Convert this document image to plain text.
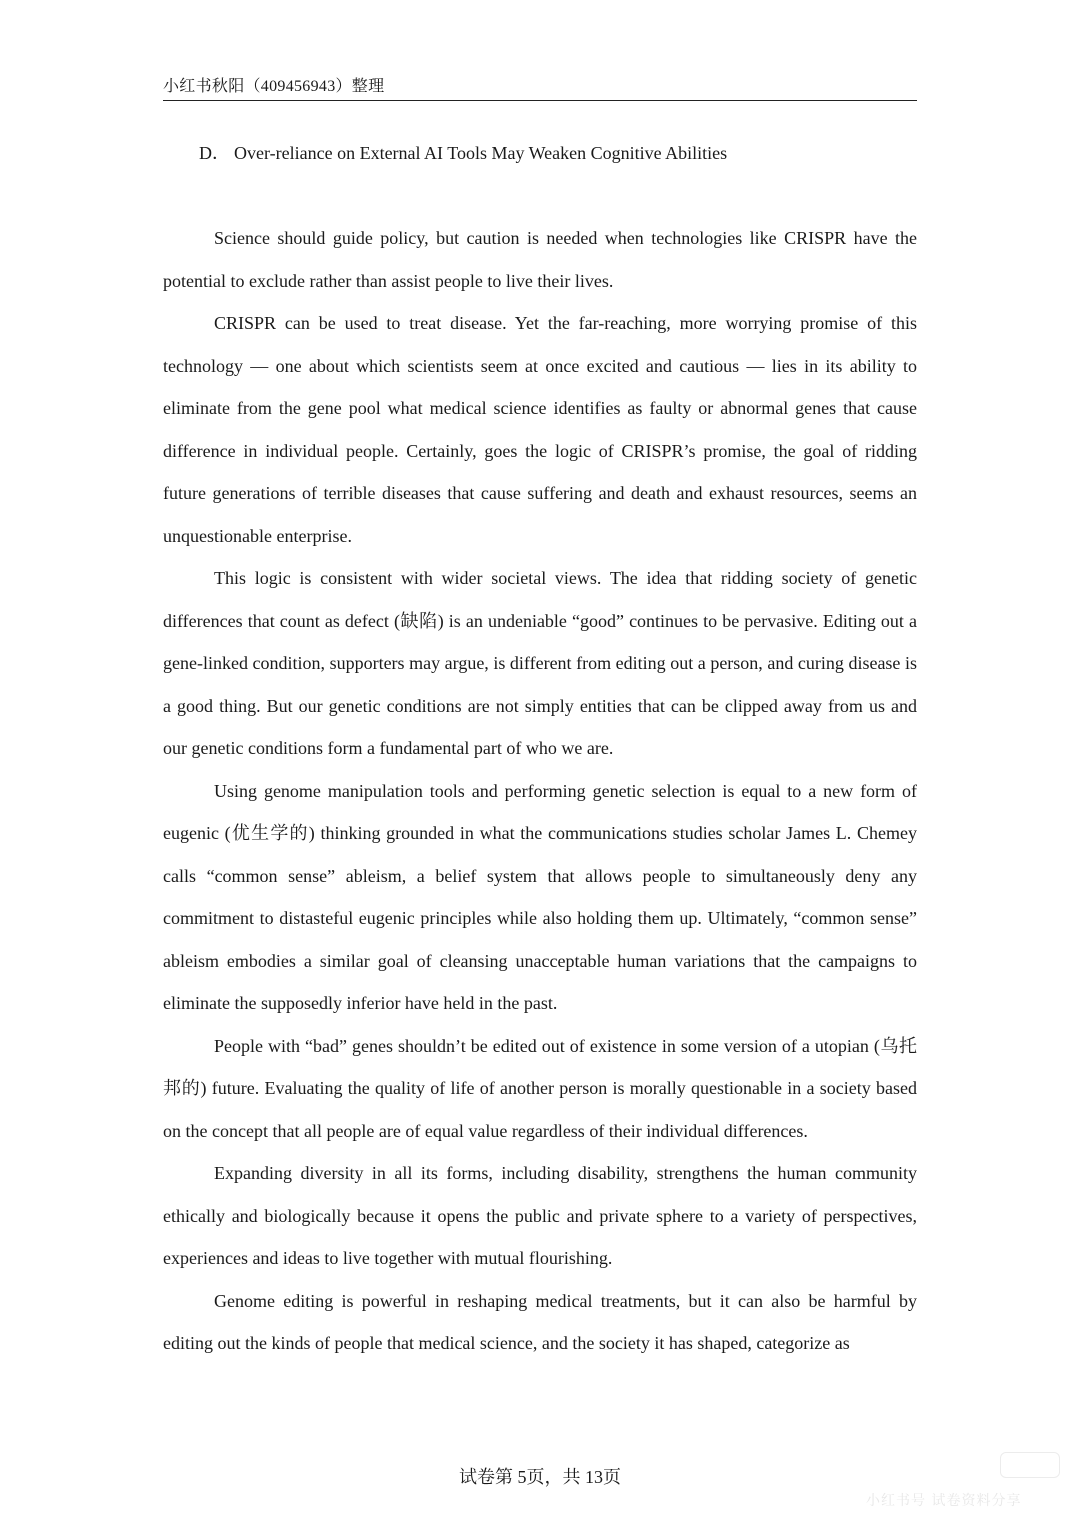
小红书秋阳（409456943）整理
D． Over-reliance on External AI Tools May Weaken Cognitive Abilities

Science should guide policy, but caution is needed when technologies like CRISPR have the potential to exclude rather than assist people to live their lives.

CRISPR can be used to treat disease. Yet the far-reaching, more worrying promise of this technology — one about which scientists seem at once excited and cautious — lies in its ability to eliminate from the gene pool what medical science identifies as faulty or abnormal genes that cause difference in individual people. Certainly, goes the logic of CRISPR’s promise, the goal of ridding future generations of terrible diseases that cause suffering and death and exhaust resources, seems an unquestionable enterprise.

This logic is consistent with wider societal views. The idea that ridding society of genetic differences that count as defect (缺陷) is an undeniable “good” continues to be pervasive. Editing out a gene-linked condition, supporters may argue, is different from editing out a person, and curing disease is a good thing. But our genetic conditions are not simply entities that can be clipped away from us and our genetic conditions form a fundamental part of who we are.

Using genome manipulation tools and performing genetic selection is equal to a new form of eugenic (优生学的) thinking grounded in what the communications studies scholar James L. Chemey calls “common sense” ableism, a belief system that allows people to simultaneously deny any commitment to distasteful eugenic principles while also holding them up. Ultimately, “common sense” ableism embodies a similar goal of cleansing unacceptable human variations that the campaigns to eliminate the supposedly inferior have held in the past.

People with “bad” genes shouldn’t be edited out of existence in some version of a utopian (乌托邦的) future. Evaluating the quality of life of another person is morally questionable in a society based on the concept that all people are of equal value regardless of their individual differences.

Expanding diversity in all its forms, including disability, strengthens the human community ethically and biologically because it opens the public and private sphere to a variety of perspectives, experiences and ideas to live together with mutual flourishing.

Genome editing is powerful in reshaping medical treatments, but it can also be harmful by editing out the kinds of people that medical science, and the society it has shaped, categorize as

试卷第 5页，共 13页
小红书号 试卷资料分享
